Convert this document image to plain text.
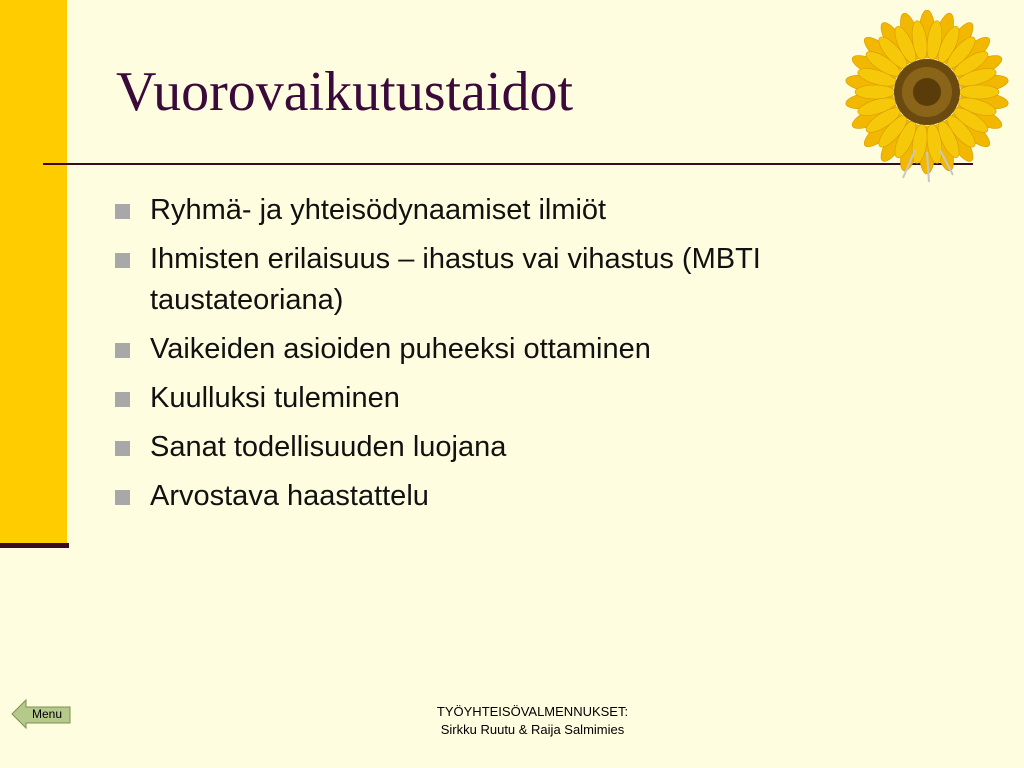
Vuorovaikutustaidot
Ryhmä- ja yhteisödynaamiset ilmiöt
Ihmisten erilaisuus – ihastus vai vihastus (MBTI taustateoriana)
Vaikeiden asioiden puheeksi ottaminen
Kuulluksi tuleminen
Sanat todellisuuden luojana
Arvostava haastattelu
Menu	TYÖYHTEISÖVALMENNUKSET:
Sirkku Ruutu & Raija Salmimies
